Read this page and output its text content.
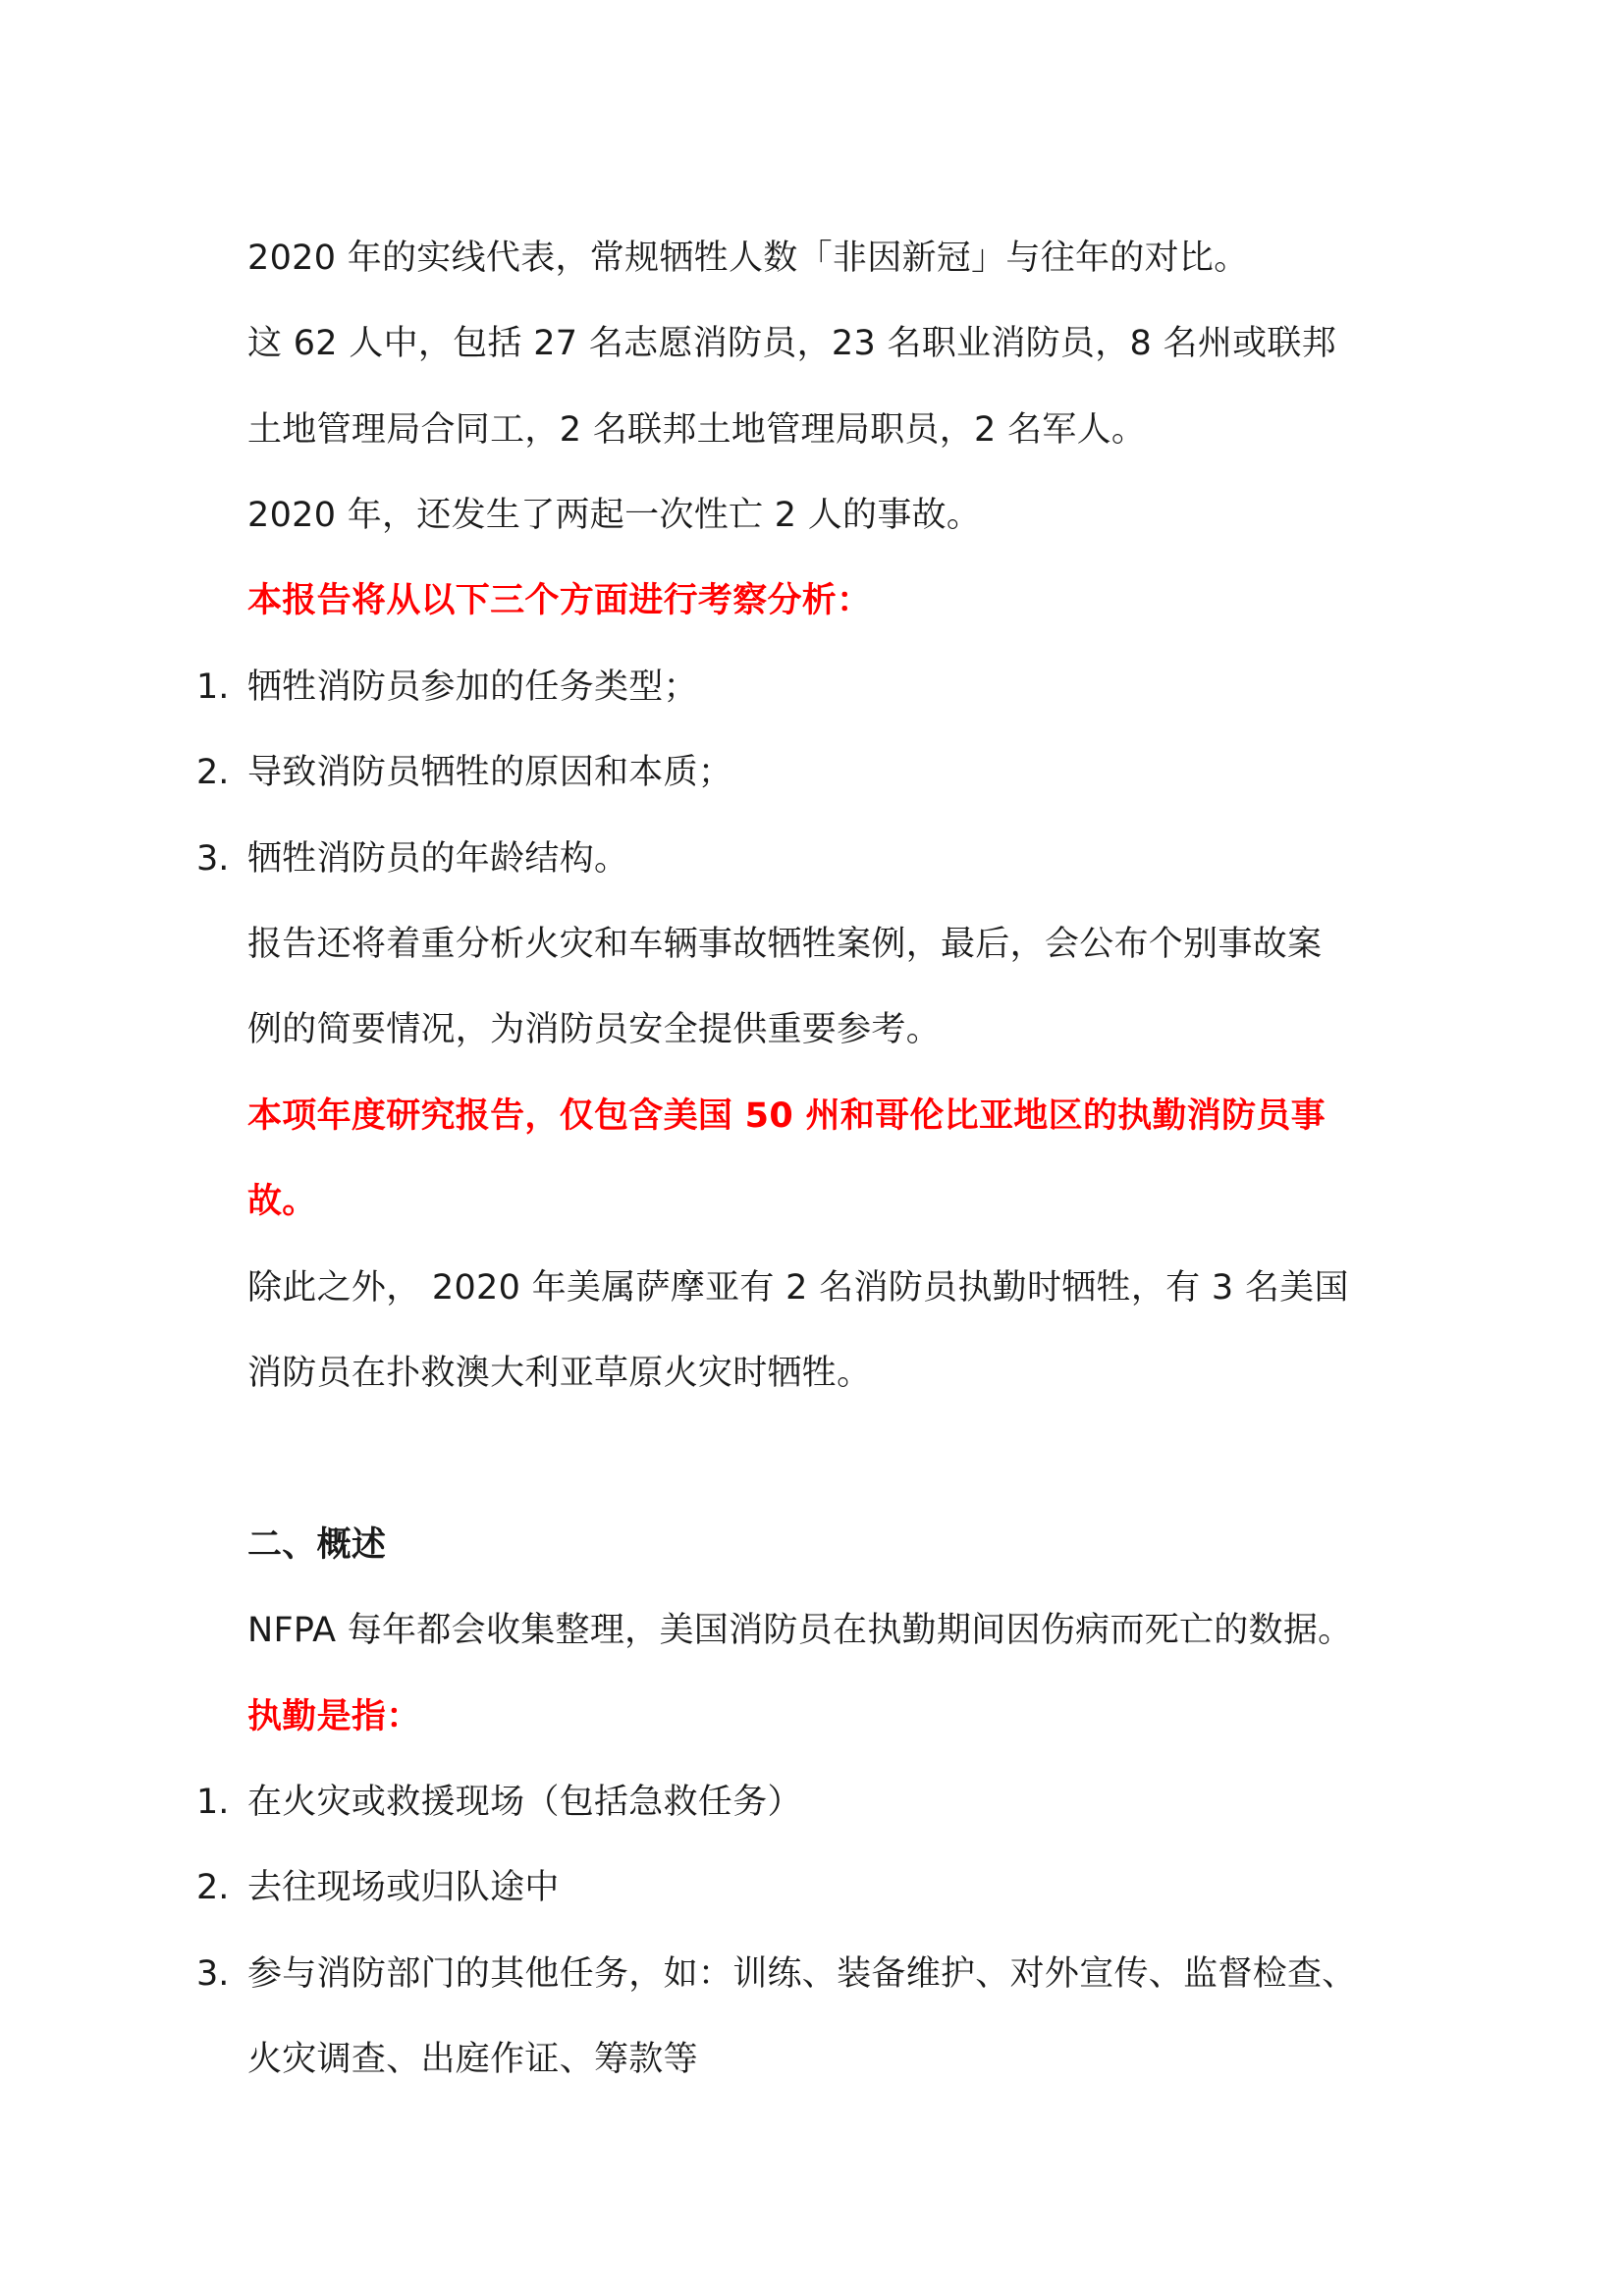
2020 年的实线代表，常规牺牲人数「非因新冠」与往年的对比。
这 62 人中，包括 27 名志愿消防员，23 名职业消防员，8 名州或联邦
土地管理局合同工，2 名联邦土地管理局职员，2 名军人。
2020 年，还发生了两起一次性亡 2 人的事故。
本报告将从以下三个方面进行考察分析：
1. 牺牲消防员参加的任务类型；
2. 导致消防员牺牲的原因和本质；
3. 牺牲消防员的年龄结构。
报告还将着重分析火灾和车辆事故牺牲案例，最后，会公布个别事故案
例的简要情况，为消防员安全提供重要参考。
本项年度研究报告，仅包含美国 50 州和哥伦比亚地区的执勤消防员事
故。
除此之外， 2020 年美属萨摩亚有 2 名消防员执勤时牺牲，有 3 名美国
消防员在扑救澳大利亚草原火灾时牺牲。
二、概述
NFPA 每年都会收集整理，美国消防员在执勤期间因伤病而死亡的数据。
执勤是指：
1. 在火灾或救援现场（包括急救任务）
2. 去往现场或归队途中
3. 参与消防部门的其他任务，如：训练、装备维护、对外宣传、监督检查、
火灾调查、出庭作证、筹款等
